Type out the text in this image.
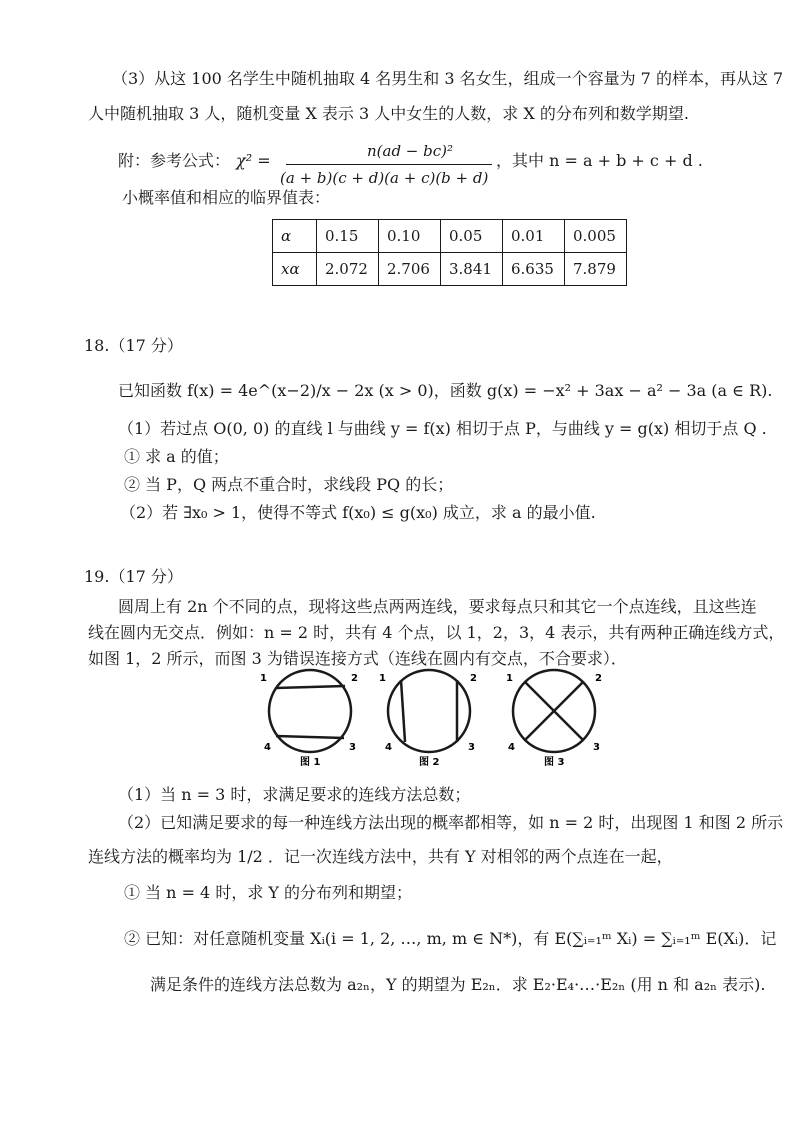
（3）从这 100 名学生中随机抽取 4 名男生和 3 名女生，组成一个容量为 7 的样本，再从这 7
人中随机抽取 3 人，随机变量 X 表示 3 人中女生的人数，求 X 的分布列和数学期望.
附：参考公式： χ² =	n(ad − bc)²
(a + b)(c + d)(a + c)(b + d)
，其中 n = a + b + c + d .
小概率值和相应的临界值表：
α	0.15	0.10	0.05	0.01	0.005
xα	2.072	2.706	3.841	6.635	7.879
18.（17 分）
已知函数 f(x) = 4e^(x−2)/x − 2x (x > 0)，函数 g(x) = −x² + 3ax − a² − 3a (a ∈ R).
（1）若过点 O(0, 0) 的直线 l 与曲线 y = f(x) 相切于点 P，与曲线 y = g(x) 相切于点 Q .
① 求 a 的值；
② 当 P，Q 两点不重合时，求线段 PQ 的长；
（2）若 ∃x₀ > 1，使得不等式 f(x₀) ≤ g(x₀) 成立，求 a 的最小值.
19.（17 分）
圆周上有 2n 个不同的点，现将这些点两两连线，要求每点只和其它一个点连线，且这些连
线在圆内无交点．例如：n = 2 时，共有 4 个点，以 1，2，3，4 表示，共有两种正确连线方式，
如图 1，2 所示，而图 3 为错误连接方式（连线在圆内有交点，不合要求）．
1	2
3
4
图 1
1	2
3
4
图 2
1	2
3
4
图 3
（1）当 n = 3 时，求满足要求的连线方法总数；
（2）已知满足要求的每一种连线方法出现的概率都相等，如 n = 2 时，出现图 1 和图 2 所示
连线方法的概率均为 1/2 ．记一次连线方法中，共有 Y 对相邻的两个点连在一起，
① 当 n = 4 时，求 Y 的分布列和期望；
② 已知：对任意随机变量 Xᵢ(i = 1, 2, …, m, m ∈ N*)，有 E(∑ᵢ₌₁ᵐ Xᵢ) = ∑ᵢ₌₁ᵐ E(Xᵢ)．记
满足条件的连线方法总数为 a₂ₙ，Y 的期望为 E₂ₙ．求 E₂·E₄·…·E₂ₙ (用 n 和 a₂ₙ 表示).
